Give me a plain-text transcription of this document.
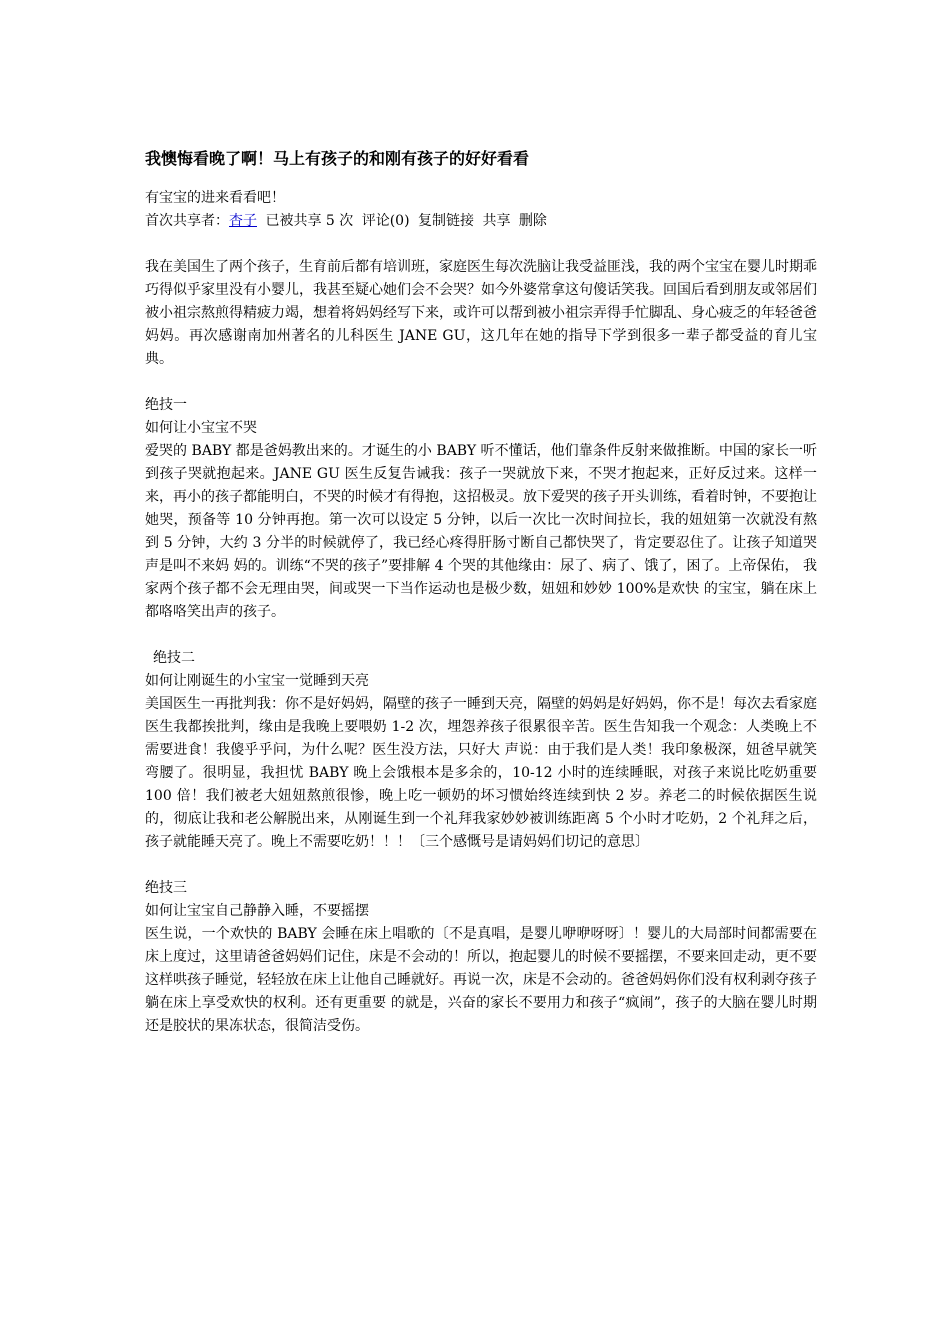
我懊悔看晚了啊！马上有孩子的和刚有孩子的好好看看

有宝宝的进来看看吧！

首次共享者：杏子 已被共享 5 次 评论(0) 复制链接 共享 删除

我在美国生了两个孩子，生育前后都有培训班，家庭医生每次洗脑让我受益匪浅，我的两个宝宝在婴儿时期乖巧得似乎家里没有小婴儿，我甚至疑心她们会不会哭？如今外婆常拿这句傻话笑我。回国后看到朋友或邻居们被小祖宗熬煎得精疲力竭，想着将妈妈经写下来，或许可以帮到被小祖宗弄得手忙脚乱、身心疲乏的年轻爸爸妈妈。再次感谢南加州著名的儿科医生 JANE GU，这几年在她的指导下学到很多一辈子都受益的育儿宝典。

绝技一

如何让小宝宝不哭

爱哭的 BABY 都是爸妈教出来的。才诞生的小 BABY 听不懂话，他们靠条件反射来做推断。中国的家长一听到孩子哭就抱起来。JANE GU 医生反复告诫我：孩子一哭就放下来，不哭才抱起来，正好反过来。这样一来，再小的孩子都能明白，不哭的时候才有得抱，这招极灵。放下爱哭的孩子开头训练，看着时钟，不要抱让她哭，预备等 10 分钟再抱。第一次可以设定 5 分钟，以后一次比一次时间拉长，我的妞妞第一次就没有熬到 5 分钟，大约 3 分半的时候就停了，我已经心疼得肝肠寸断自己都快哭了，肯定要忍住了。让孩子知道哭声是叫不来妈 妈的。训练“不哭的孩子”要排解 4 个哭的其他缘由：尿了、病了、饿了，困了。上帝保佑， 我家两个孩子都不会无理由哭，间或哭一下当作运动也是极少数，妞妞和妙妙 100%是欢快 的宝宝，躺在床上都咯咯笑出声的孩子。

绝技二

如何让刚诞生的小宝宝一觉睡到天亮

美国医生一再批判我：你不是好妈妈，隔壁的孩子一睡到天亮，隔壁的妈妈是好妈妈，你不是！每次去看家庭医生我都挨批判，缘由是我晚上要喂奶 1-2 次，埋怨养孩子很累很辛苦。医生告知我一个观念：人类晚上不需要进食！我傻乎乎问，为什么呢？医生没方法，只好大 声说：由于我们是人类！我印象极深，妞爸早就笑弯腰了。很明显，我担忧 BABY 晚上会饿根本是多余的，10-12 小时的连续睡眠，对孩子来说比吃奶重要 100 倍！我们被老大妞妞熬煎很惨，晚上吃一顿奶的坏习惯始终连续到快 2 岁。养老二的时候依据医生说的，彻底让我和老公解脱出来，从刚诞生到一个礼拜我家妙妙被训练距离 5 个小时才吃奶，2 个礼拜之后， 孩子就能睡天亮了。晚上不需要吃奶！！！〔三个感慨号是请妈妈们切记的意思〕

绝技三

如何让宝宝自己静静入睡，不要摇摆

医生说，一个欢快的 BABY 会睡在床上唱歌的〔不是真唱，是婴儿咿咿呀呀〕！婴儿的大局部时间都需要在床上度过，这里请爸爸妈妈们记住，床是不会动的！所以，抱起婴儿的时候不要摇摆，不要来回走动，更不要这样哄孩子睡觉，轻轻放在床上让他自己睡就好。再说一次，床是不会动的。爸爸妈妈你们没有权利剥夺孩子躺在床上享受欢快的权利。还有更重要 的就是，兴奋的家长不要用力和孩子“疯闹”，孩子的大脑在婴儿时期还是胶状的果冻状态，很简洁受伤。
